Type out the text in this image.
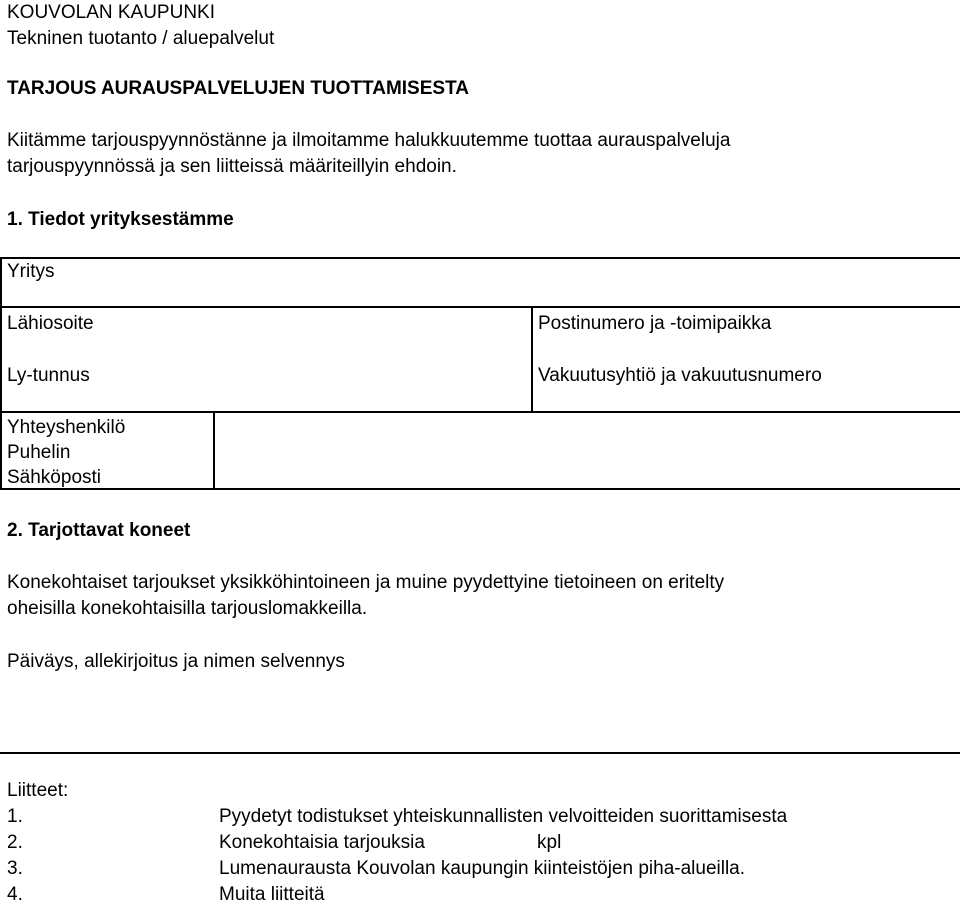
KOUVOLAN KAUPUNKI
Tekninen tuotanto / aluepalvelut
TARJOUS AURAUSPALVELUJEN TUOTTAMISESTA
Kiitämme tarjouspyynnöstänne ja ilmoitamme halukkuutemme tuottaa aurauspalveluja
tarjouspyynnössä ja sen liitteissä määriteillyin ehdoin.
1. Tiedot yrityksestämme
Yritys
Lähiosoite	Postinumero ja -toimipaikka
Ly-tunnus	Vakuutusyhtiö ja vakuutusnumero
Yhteyshenkilö
Puhelin
Sähköposti
2. Tarjottavat koneet
Konekohtaiset tarjoukset yksikköhintoineen ja muine pyydettyine tietoineen on eritelty
oheisilla konekohtaisilla tarjouslomakkeilla.
Päiväys, allekirjoitus ja nimen selvennys
Liitteet:
1.	Pyydetyt todistukset yhteiskunnallisten velvoitteiden suorittamisesta
2.	Konekohtaisia tarjouksia	kpl
3.	Lumenaurausta Kouvolan kaupungin kiinteistöjen piha-alueilla.
4.	Muita liitteitä
